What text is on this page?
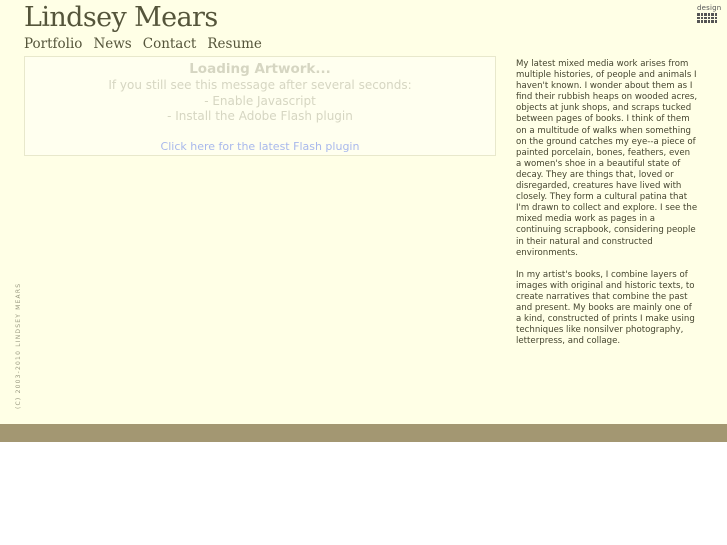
Lindsey Mears
Portfolio News Contact Resume
design
Loading Artwork...
If you still see this message after several seconds:
- Enable Javascript
- Install the Adobe Flash plugin
Click here for the latest Flash plugin

My latest mixed media work arises from multiple histories, of people and animals I haven't known. I wonder about them as I find their rubbish heaps on wooded acres, objects at junk shops, and scraps tucked between pages of books. I think of them on a multitude of walks when something on the ground catches my eye--a piece of painted porcelain, bones, feathers, even a women's shoe in a beautiful state of decay. They are things that, loved or disregarded, creatures have lived with closely. They form a cultural patina that I'm drawn to collect and explore. I see the mixed media work as pages in a continuing scrapbook, considering people in their natural and constructed environments.

In my artist's books, I combine layers of images with original and historic texts, to create narratives that combine the past and present. My books are mainly one of a kind, constructed of prints I make using techniques like nonsilver photography, letterpress, and collage.

(C) 2003-2010 LINDSEY MEARS
